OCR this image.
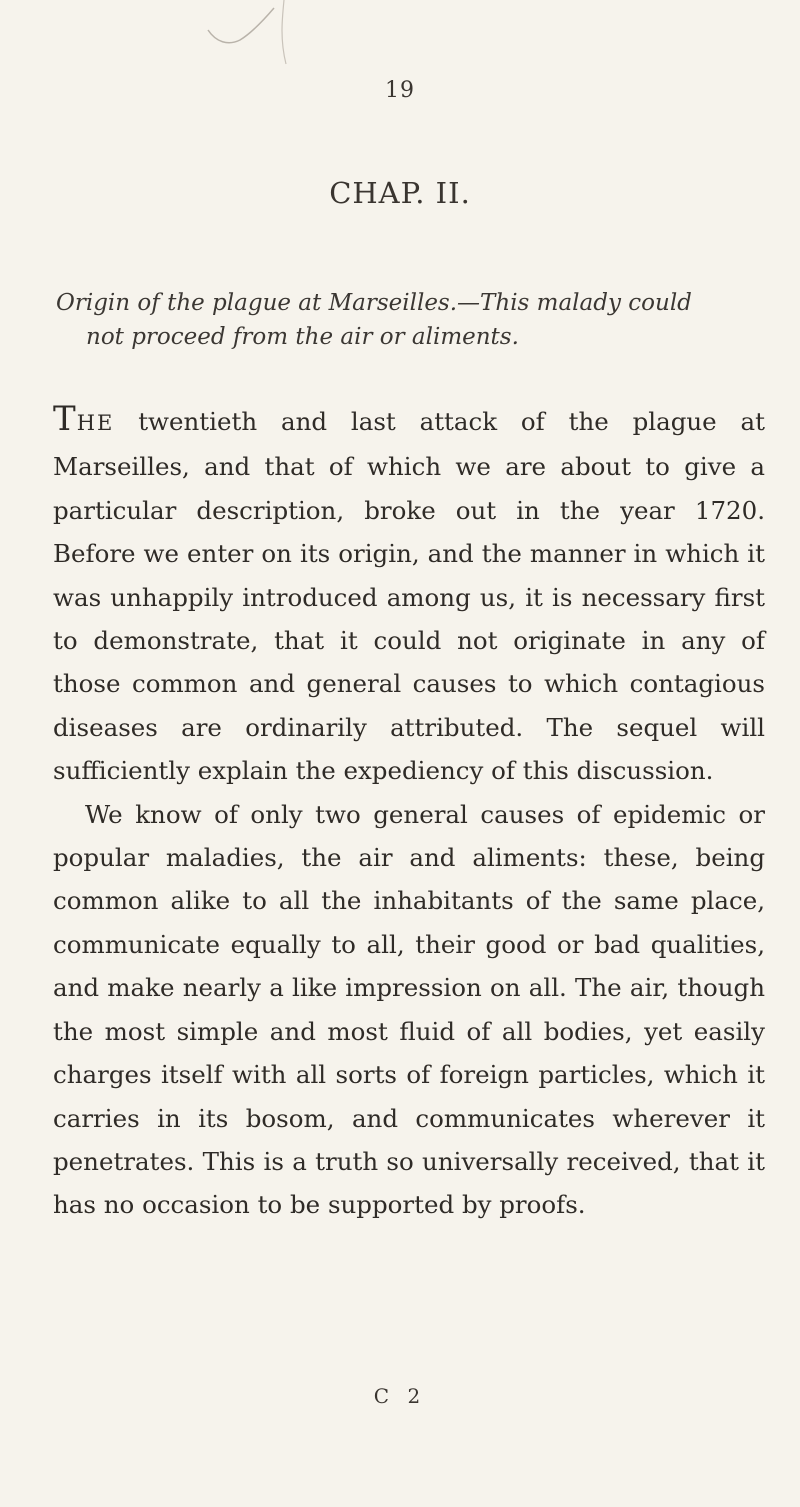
19
CHAP. II.
Origin of the plague at Marseilles.—This malady could
not proceed from the air or aliments.

THE twentieth and last attack of the plague at Marseilles, and that of which we are about to give a particular description, broke out in the year 1720. Before we enter on its origin, and the manner in which it was unhappily introduced among us, it is necessary first to demonstrate, that it could not originate in any of those common and general causes to which contagious diseases are ordinarily attributed. The sequel will sufficiently explain the expediency of this discussion.

We know of only two general causes of epidemic or popular maladies, the air and aliments: these, being common alike to all the inhabitants of the same place, communicate equally to all, their good or bad qualities, and make nearly a like impression on all. The air, though the most simple and most fluid of all bodies, yet easily charges itself with all sorts of foreign particles, which it carries in its bosom, and communicates wherever it penetrates. This is a truth so universally received, that it has no occasion to be supported by proofs.

C 2
